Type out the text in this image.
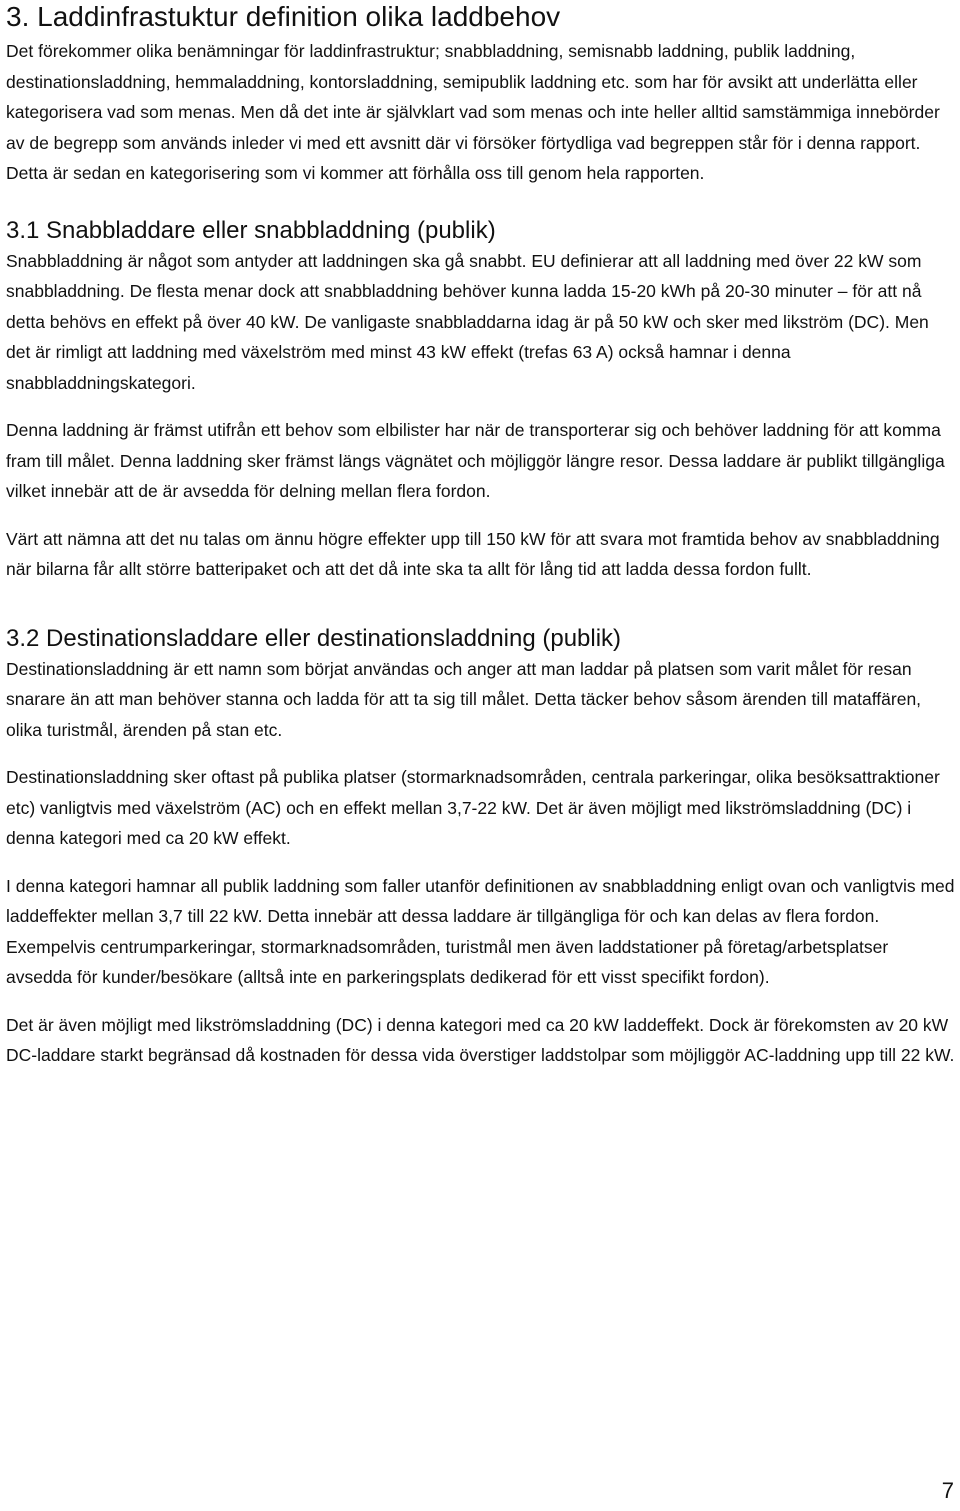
3. Laddinfrastuktur definition olika laddbehov

Det förekommer olika benämningar för laddinfrastruktur; snabbladdning, semisnabb laddning, publik laddning, destinationsladdning, hemmaladdning, kontorsladdning, semipublik laddning etc. som har för avsikt att underlätta eller kategorisera vad som menas. Men då det inte är självklart vad som menas och inte heller alltid samstämmiga innebörder av de begrepp som används inleder vi med ett avsnitt där vi försöker förtydliga vad begreppen står för i denna rapport. Detta är sedan en kategorisering som vi kommer att förhålla oss till genom hela rapporten.

3.1 Snabbladdare eller snabbladdning (publik)

Snabbladdning är något som antyder att laddningen ska gå snabbt. EU definierar att all laddning med över 22 kW som snabbladdning. De flesta menar dock att snabbladdning behöver kunna ladda 15-20 kWh på 20-30 minuter – för att nå detta behövs en effekt på över 40 kW. De vanligaste snabbladdarna idag är på 50 kW och sker med likström (DC). Men det är rimligt att laddning med växelström med minst 43 kW effekt (trefas 63 A) också hamnar i denna snabbladdningskategori.

Denna laddning är främst utifrån ett behov som elbilister har när de transporterar sig och behöver laddning för att komma fram till målet. Denna laddning sker främst längs vägnätet och möjliggör längre resor. Dessa laddare är publikt tillgängliga vilket innebär att de är avsedda för delning mellan flera fordon.

Värt att nämna att det nu talas om ännu högre effekter upp till 150 kW för att svara mot framtida behov av snabbladdning när bilarna får allt större batteripaket och att det då inte ska ta allt för lång tid att ladda dessa fordon fullt.

3.2 Destinationsladdare eller destinationsladdning (publik)

Destinationsladdning är ett namn som börjat användas och anger att man laddar på platsen som varit målet för resan snarare än att man behöver stanna och ladda för att ta sig till målet. Detta täcker behov såsom ärenden till mataffären, olika turistmål, ärenden på stan etc.

Destinationsladdning sker oftast på publika platser (stormarknadsområden, centrala parkeringar, olika besöksattraktioner etc) vanligtvis med växelström (AC) och en effekt mellan 3,7-22 kW. Det är även möjligt med likströmsladdning (DC) i denna kategori med ca 20 kW effekt.

I denna kategori hamnar all publik laddning som faller utanför definitionen av snabbladdning enligt ovan och vanligtvis med laddeffekter mellan 3,7 till 22 kW. Detta innebär att dessa laddare är tillgängliga för och kan delas av flera fordon. Exempelvis centrumparkeringar, stormarknadsområden, turistmål men även laddstationer på företag/arbetsplatser avsedda för kunder/besökare (alltså inte en parkeringsplats dedikerad för ett visst specifikt fordon).

Det är även möjligt med likströmsladdning (DC) i denna kategori med ca 20 kW laddeffekt. Dock är förekomsten av 20 kW DC-laddare starkt begränsad då kostnaden för dessa vida överstiger laddstolpar som möjliggör AC-laddning upp till 22 kW.

7
